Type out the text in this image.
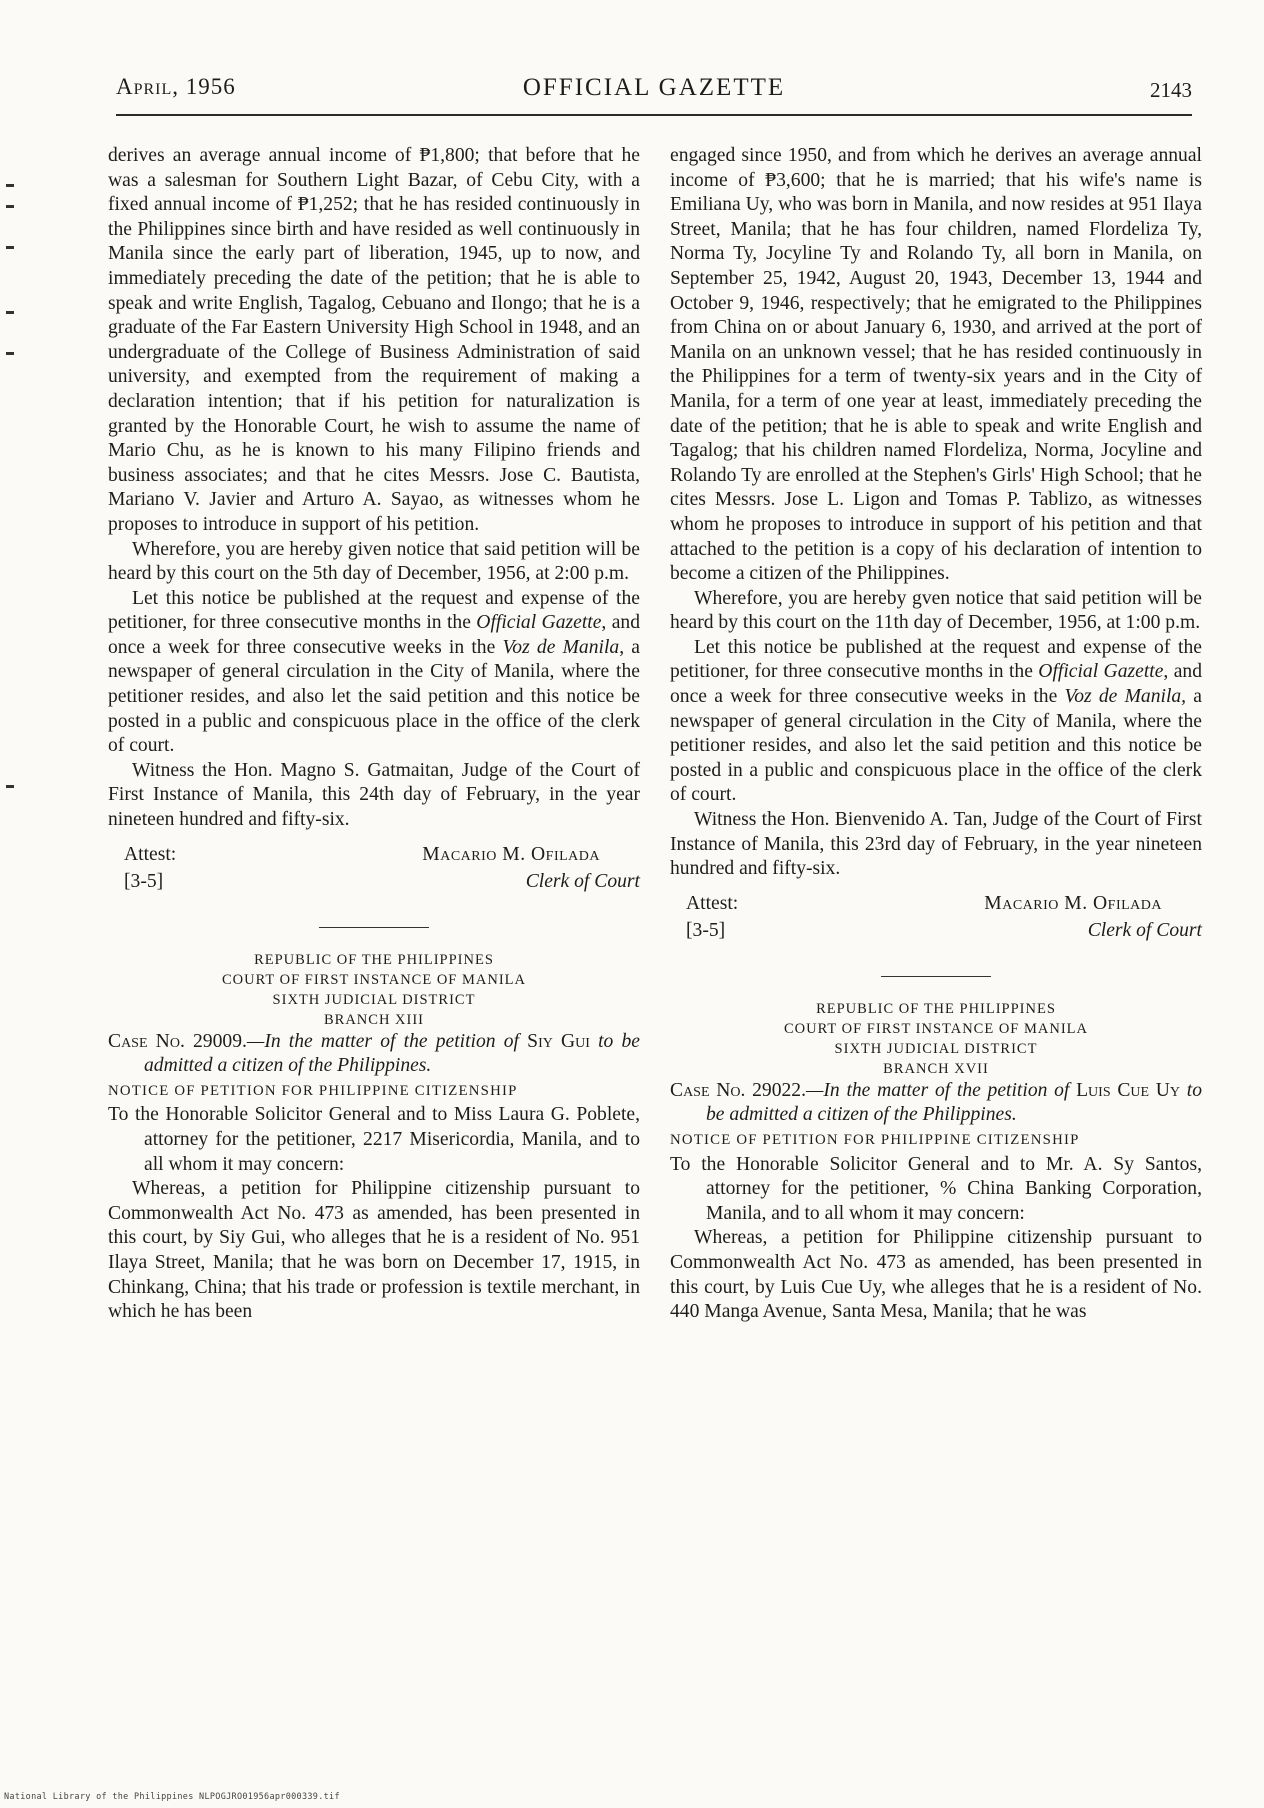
April, 1956	OFFICIAL GAZETTE	2143

derives an average annual income of ₱1,800; that before that he was a salesman for Southern Light Bazar, of Cebu City, with a fixed annual income of ₱1,252; that he has resided continuously in the Philippines since birth and have resided as well continuously in Manila since the early part of liberation, 1945, up to now, and immediately preceding the date of the petition; that he is able to speak and write English, Tagalog, Cebuano and Ilongo; that he is a graduate of the Far Eastern University High School in 1948, and an undergraduate of the College of Business Administration of said university, and exempted from the requirement of making a declaration intention; that if his petition for naturalization is granted by the Honorable Court, he wish to assume the name of Mario Chu, as he is known to his many Filipino friends and business associates; and that he cites Messrs. Jose C. Bautista, Mariano V. Javier and Arturo A. Sayao, as witnesses whom he proposes to introduce in support of his petition.

Wherefore, you are hereby given notice that said petition will be heard by this court on the 5th day of December, 1956, at 2:00 p.m.

Let this notice be published at the request and expense of the petitioner, for three consecutive months in the Official Gazette, and once a week for three consecutive weeks in the Voz de Manila, a newspaper of general circulation in the City of Manila, where the petitioner resides, and also let the said petition and this notice be posted in a public and conspicuous place in the office of the clerk of court.

Witness the Hon. Magno S. Gatmaitan, Judge of the Court of First Instance of Manila, this 24th day of February, in the year nineteen hundred and fifty-six.

Attest:
[3-5]
Macario M. Ofilada
Clerk of Court
REPUBLIC OF THE PHILIPPINES
COURT OF FIRST INSTANCE OF MANILA
SIXTH JUDICIAL DISTRICT
BRANCH XIII

Case No. 29009.—In the matter of the petition of Siy Gui to be admitted a citizen of the Philippines.

NOTICE OF PETITION FOR PHILIPPINE CITIZENSHIP

To the Honorable Solicitor General and to Miss Laura G. Poblete, attorney for the petitioner, 2217 Misericordia, Manila, and to all whom it may concern:

Whereas, a petition for Philippine citizenship pursuant to Commonwealth Act No. 473 as amended, has been presented in this court, by Siy Gui, who alleges that he is a resident of No. 951 Ilaya Street, Manila; that he was born on December 17, 1915, in Chinkang, China; that his trade or profession is textile merchant, in which he has been

engaged since 1950, and from which he derives an average annual income of ₱3,600; that he is married; that his wife's name is Emiliana Uy, who was born in Manila, and now resides at 951 Ilaya Street, Manila; that he has four children, named Flordeliza Ty, Norma Ty, Jocyline Ty and Rolando Ty, all born in Manila, on September 25, 1942, August 20, 1943, December 13, 1944 and October 9, 1946, respectively; that he emigrated to the Philippines from China on or about January 6, 1930, and arrived at the port of Manila on an unknown vessel; that he has resided continuously in the Philippines for a term of twenty-six years and in the City of Manila, for a term of one year at least, immediately preceding the date of the petition; that he is able to speak and write English and Tagalog; that his children named Flordeliza, Norma, Jocyline and Rolando Ty are enrolled at the Stephen's Girls' High School; that he cites Messrs. Jose L. Ligon and Tomas P. Tablizo, as witnesses whom he proposes to introduce in support of his petition and that attached to the petition is a copy of his declaration of intention to become a citizen of the Philippines.

Wherefore, you are hereby gven notice that said petition will be heard by this court on the 11th day of December, 1956, at 1:00 p.m.

Let this notice be published at the request and expense of the petitioner, for three consecutive months in the Official Gazette, and once a week for three consecutive weeks in the Voz de Manila, a newspaper of general circulation in the City of Manila, where the petitioner resides, and also let the said petition and this notice be posted in a public and conspicuous place in the office of the clerk of court.

Witness the Hon. Bienvenido A. Tan, Judge of the Court of First Instance of Manila, this 23rd day of February, in the year nineteen hundred and fifty-six.

Attest:
[3-5]
Macario M. Ofilada
Clerk of Court
REPUBLIC OF THE PHILIPPINES
COURT OF FIRST INSTANCE OF MANILA
SIXTH JUDICIAL DISTRICT
BRANCH XVII

Case No. 29022.—In the matter of the petition of Luis Cue Uy to be admitted a citizen of the Philippines.

NOTICE OF PETITION FOR PHILIPPINE CITIZENSHIP

To the Honorable Solicitor General and to Mr. A. Sy Santos, attorney for the petitioner, % China Banking Corporation, Manila, and to all whom it may concern:

Whereas, a petition for Philippine citizenship pursuant to Commonwealth Act No. 473 as amended, has been presented in this court, by Luis Cue Uy, whe alleges that he is a resident of No. 440 Manga Avenue, Santa Mesa, Manila; that he was

National Library of the Philippines NLPOGJRO01956apr000339.tif
